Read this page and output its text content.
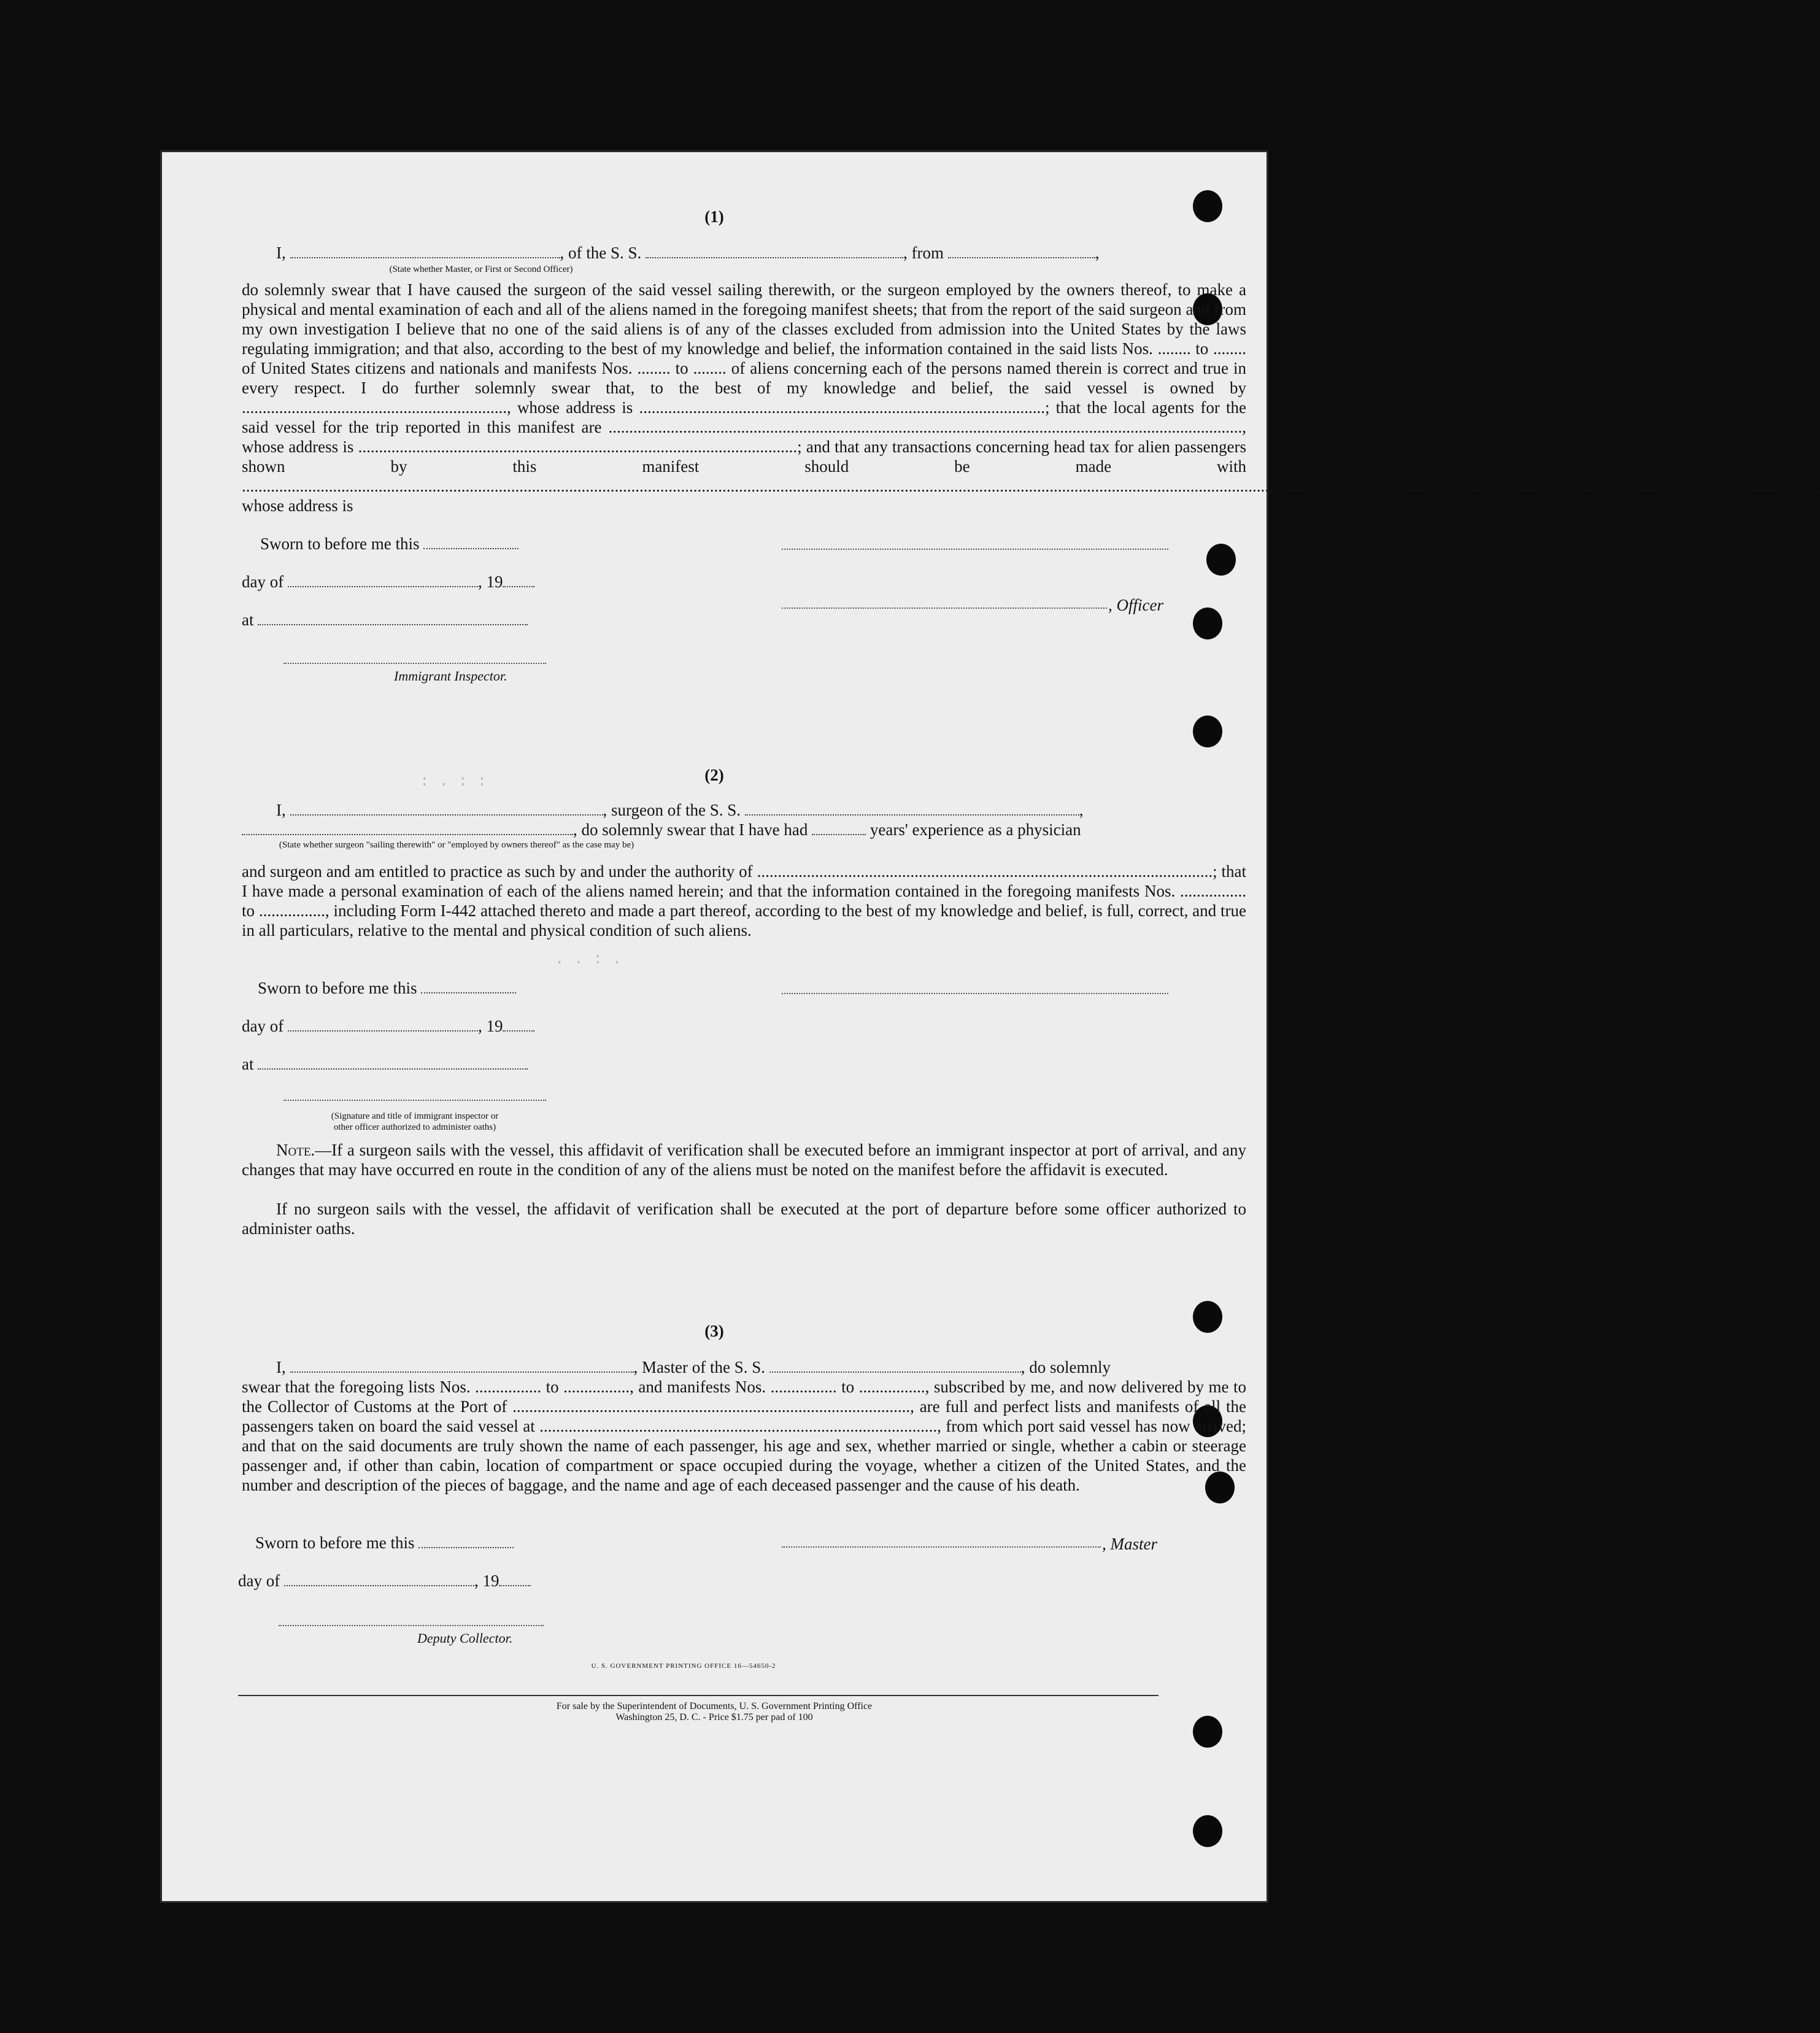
: . : :
. . : .
(1)
I,	, of the S. S.	, from	,
(State whether Master, or First or Second Officer)
do solemnly swear that I have caused the surgeon of the said vessel sailing therewith, or the surgeon employed by the owners thereof, to make a physical and mental examination of each and all of the aliens named in the foregoing manifest sheets; that from the report of the said surgeon and from my own investigation I believe that no one of the said aliens is of any of the classes excluded from admission into the United States by the laws regulating immigration; and that also, according to the best of my knowledge and belief, the information contained in the said lists Nos. ........ to ........ of United States citizens and nationals and manifests Nos. ........ to ........ of aliens concerning each of the persons named therein is correct and true in every respect. I do further solemnly swear that, to the best of my knowledge and belief, the said vessel is owned by ................................................................, whose address is ..................................................................................................; that the local agents for the said vessel for the trip reported in this manifest are ........................................................................................................................................................., whose address is ..........................................................................................................; and that any transactions concerning head tax for alien passengers shown by this manifest should be made with ............................................................................................................................................................................................................................................................................................................................................................................................, whose address is
Sworn to before me this
day of	, 19
, Officer
at
Immigrant Inspector.
(2)
I,	, surgeon of the S. S.	,
, do solemnly swear that I have had	years' experience as a physician
(State whether surgeon "sailing therewith" or "employed by owners thereof" as the case may be)
and surgeon and am entitled to practice as such by and under the authority of ..............................................................................................................; that I have made a personal examination of each of the aliens named herein; and that the information contained in the foregoing manifests Nos. ................ to ................, including Form I-442 attached thereto and made a part thereof, according to the best of my knowledge and belief, is full, correct, and true in all particulars, relative to the mental and physical condition of such aliens.
Sworn to before me this
day of	, 19
at
(Signature and title of immigrant inspector or
other officer authorized to administer oaths)
Note.—If a surgeon sails with the vessel, this affidavit of verification shall be executed before an immigrant inspector at port of arrival, and any changes that may have occurred en route in the condition of any of the aliens must be noted on the manifest before the affidavit is executed.
If no surgeon sails with the vessel, the affidavit of verification shall be executed at the port of departure before some officer authorized to administer oaths.
(3)
I,	, Master of the S. S.	, do solemnly
swear that the foregoing lists Nos. ................ to ................, and manifests Nos. ................ to ................, subscribed by me, and now delivered by me to the Collector of Customs at the Port of ................................................................................................, are full and perfect lists and manifests of all the passengers taken on board the said vessel at ................................................................................................, from which port said vessel has now arrived; and that on the said documents are truly shown the name of each passenger, his age and sex, whether married or single, whether a cabin or steerage passenger and, if other than cabin, location of compartment or space occupied during the voyage, whether a citizen of the United States, and the number and description of the pieces of baggage, and the name and age of each deceased passenger and the cause of his death.
Sworn to before me this	, Master
day of	, 19
Deputy Collector.
U. S. GOVERNMENT PRINTING OFFICE 16—54650-2
For sale by the Superintendent of Documents, U. S. Government Printing Office
Washington 25, D. C. - Price $1.75 per pad of 100
